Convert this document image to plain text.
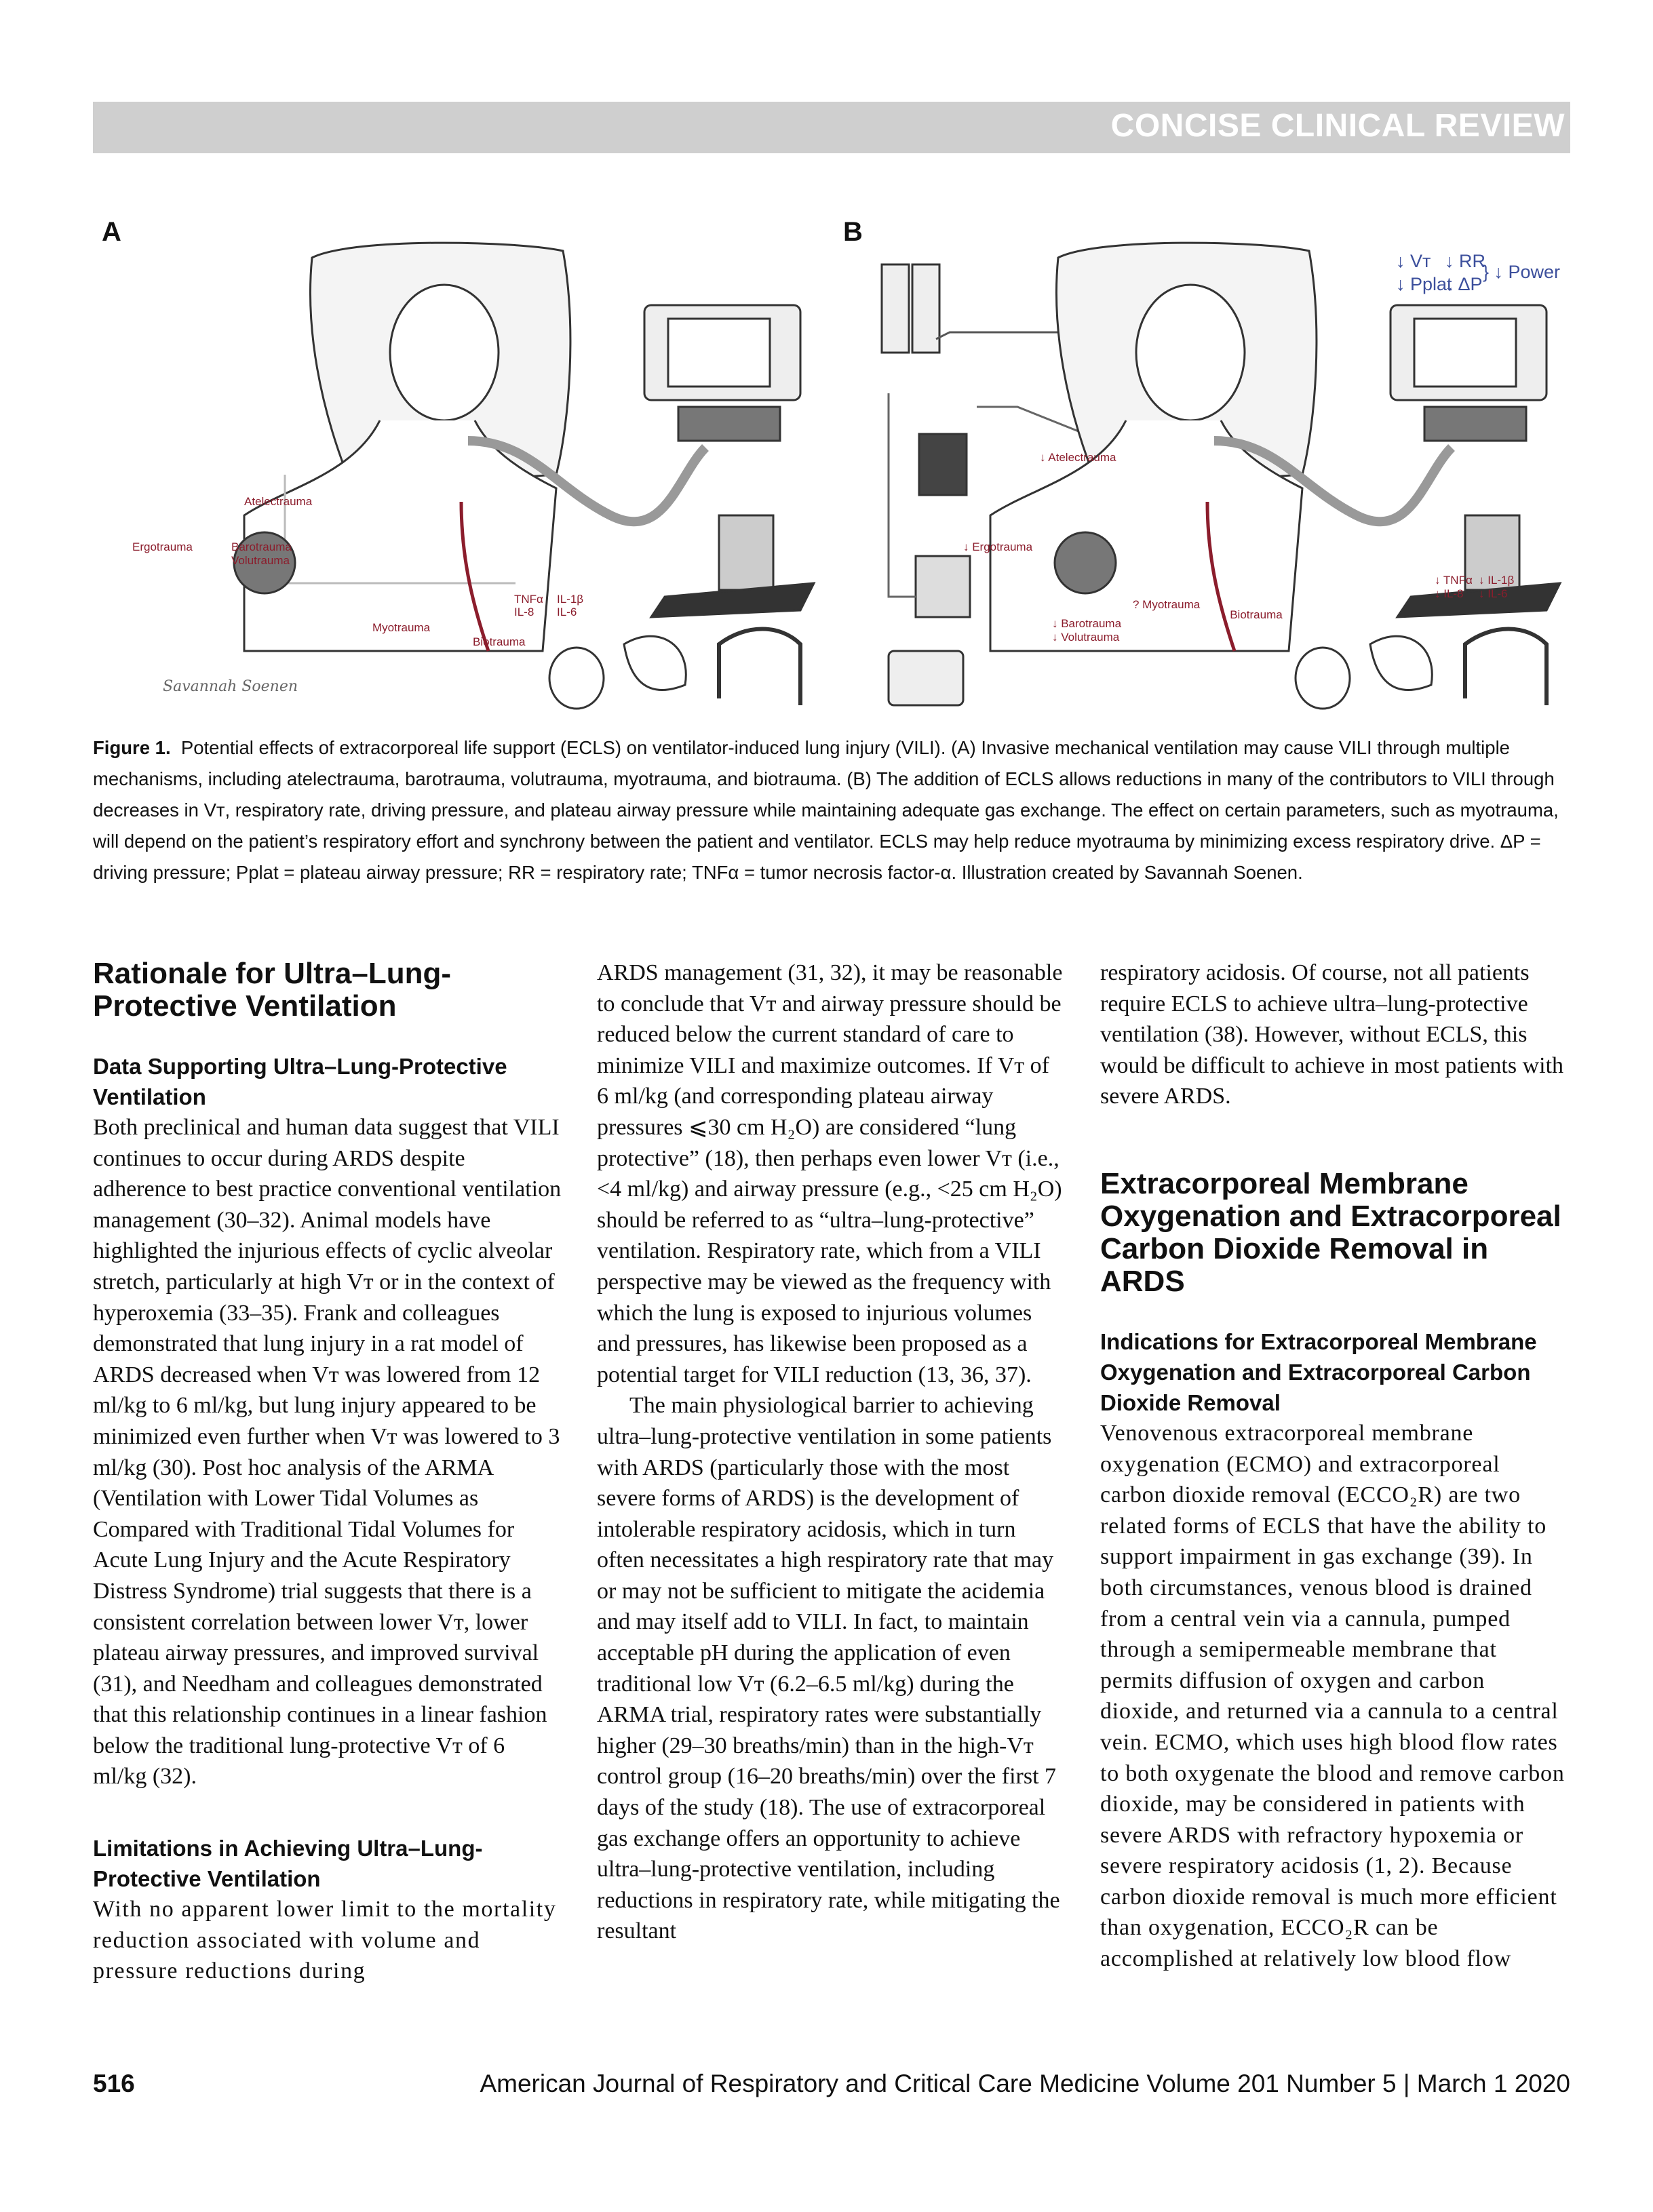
CONCISE CLINICAL REVIEW
A	B
Atelectrauma
Ergotrauma	Barotrauma
Volutrauma
Myotrauma
Biotrauma
TNFα IL-1β
IL-8 IL-6
Savannah Soenen
↓ Vᴛ ↓ RR
↓ Pplat
↓ ΔP
} ↓ Power
↓ Atelectrauma
↓ Ergotrauma
? Myotrauma
↓ Biotrauma
↓ Barotrauma
↓ Volutrauma
↓ TNFα ↓ IL-1β
↓ IL-8 ↓ IL-6
Figure 1. Potential effects of extracorporeal life support (ECLS) on ventilator-induced lung injury (VILI). (A) Invasive mechanical ventilation may cause VILI through multiple mechanisms, including atelectrauma, barotrauma, volutrauma, myotrauma, and biotrauma. (B) The addition of ECLS allows reductions in many of the contributors to VILI through decreases in Vᴛ, respiratory rate, driving pressure, and plateau airway pressure while maintaining adequate gas exchange. The effect on certain parameters, such as myotrauma, will depend on the patient’s respiratory effort and synchrony between the patient and ventilator. ECLS may help reduce myotrauma by minimizing excess respiratory drive. ΔP = driving pressure; Pplat = plateau airway pressure; RR = respiratory rate; TNFα = tumor necrosis factor-α. Illustration created by Savannah Soenen.
Rationale for Ultra–Lung-Protective Ventilation
Data Supporting Ultra–Lung-Protective Ventilation

Both preclinical and human data suggest that VILI continues to occur during ARDS despite adherence to best practice conventional ventilation management (30–32). Animal models have highlighted the injurious effects of cyclic alveolar stretch, particularly at high Vᴛ or in the context of hyperoxemia (33–35). Frank and colleagues demonstrated that lung injury in a rat model of ARDS decreased when Vᴛ was lowered from 12 ml/kg to 6 ml/kg, but lung injury appeared to be minimized even further when Vᴛ was lowered to 3 ml/kg (30). Post hoc analysis of the ARMA (Ventilation with Lower Tidal Volumes as Compared with Traditional Tidal Volumes for Acute Lung Injury and the Acute Respiratory Distress Syndrome) trial suggests that there is a consistent correlation between lower Vᴛ, lower plateau airway pressures, and improved survival (31), and Needham and colleagues demonstrated that this relationship continues in a linear fashion below the traditional lung-protective Vᴛ of 6 ml/kg (32).

Limitations in Achieving Ultra–Lung-Protective Ventilation

With no apparent lower limit to the mortality reduction associated with volume and pressure reductions during

ARDS management (31, 32), it may be reasonable to conclude that Vᴛ and airway pressure should be reduced below the current standard of care to minimize VILI and maximize outcomes. If Vᴛ of 6 ml/kg (and corresponding plateau airway pressures ⩽30 cm H₂O) are considered “lung protective” (18), then perhaps even lower Vᴛ (i.e., <4 ml/kg) and airway pressure (e.g., <25 cm H₂O) should be referred to as “ultra–lung-protective” ventilation. Respiratory rate, which from a VILI perspective may be viewed as the frequency with which the lung is exposed to injurious volumes and pressures, has likewise been proposed as a potential target for VILI reduction (13, 36, 37).

The main physiological barrier to achieving ultra–lung-protective ventilation in some patients with ARDS (particularly those with the most severe forms of ARDS) is the development of intolerable respiratory acidosis, which in turn often necessitates a high respiratory rate that may or may not be sufficient to mitigate the acidemia and may itself add to VILI. In fact, to maintain acceptable pH during the application of even traditional low Vᴛ (6.2–6.5 ml/kg) during the ARMA trial, respiratory rates were substantially higher (29–30 breaths/min) than in the high-Vᴛ control group (16–20 breaths/min) over the first 7 days of the study (18). The use of extracorporeal gas exchange offers an opportunity to achieve ultra–lung-protective ventilation, including reductions in respiratory rate, while mitigating the resultant

respiratory acidosis. Of course, not all patients require ECLS to achieve ultra–lung-protective ventilation (38). However, without ECLS, this would be difficult to achieve in most patients with severe ARDS.

Extracorporeal Membrane Oxygenation and Extracorporeal Carbon Dioxide Removal in ARDS
Indications for Extracorporeal Membrane Oxygenation and Extracorporeal Carbon Dioxide Removal

Venovenous extracorporeal membrane oxygenation (ECMO) and extracorporeal carbon dioxide removal (ECCO₂R) are two related forms of ECLS that have the ability to support impairment in gas exchange (39). In both circumstances, venous blood is drained from a central vein via a cannula, pumped through a semipermeable membrane that permits diffusion of oxygen and carbon dioxide, and returned via a cannula to a central vein. ECMO, which uses high blood flow rates to both oxygenate the blood and remove carbon dioxide, may be considered in patients with severe ARDS with refractory hypoxemia or severe respiratory acidosis (1, 2). Because carbon dioxide removal is much more efficient than oxygenation, ECCO₂R can be accomplished at relatively low blood flow

516	American Journal of Respiratory and Critical Care Medicine Volume 201 Number 5 | March 1 2020
